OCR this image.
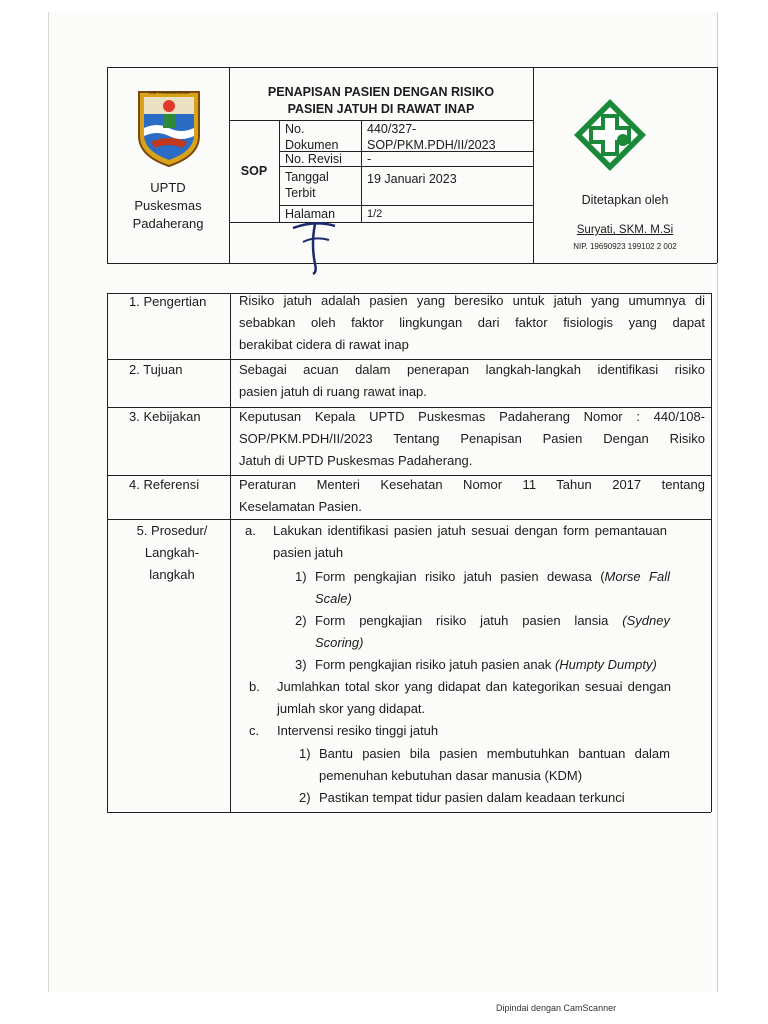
KAB. PANGANDARAN
UPTD
Puskesmas
Padaherang
PENAPISAN PASIEN DENGAN RISIKO
PASIEN JATUH DI RAWAT INAP
SOP
No.
Dokumen
440/327-
SOP/PKM.PDH/II/2023
No. Revisi -
Tanggal
Terbit
19 Januari 2023
Halaman	1/2
Ditetapkan oleh
Suryati, SKM. M.Si
NIP. 19690923 199102 2 002
1. Pengertian	Risiko jatuh adalah pasien yang beresiko untuk jatuh yang umumnya di
sebabkan oleh faktor lingkungan dari faktor fisiologis yang dapat
berakibat cidera di rawat inap
2. Tujuan	Sebagai acuan dalam penerapan langkah-langkah identifikasi risiko
pasien jatuh di ruang rawat inap.
3. Kebijakan	Keputusan Kepala UPTD Puskesmas Padaherang Nomor : 440/108-
SOP/PKM.PDH/II/2023 Tentang Penapisan Pasien Dengan Risiko
Jatuh di UPTD Puskesmas Padaherang.
4. Referensi	Peraturan Menteri Kesehatan Nomor 11 Tahun 2017 tentang
Keselamatan Pasien.
5. Prosedur/
Langkah-
langkah
a. Lakukan identifikasi pasien jatuh sesuai dengan form pemantauan
pasien jatuh
1) Form pengkajian risiko jatuh pasien dewasa (Morse Fall
Scale)
2) Form pengkajian risiko jatuh pasien lansia (Sydney
Scoring)
3) Form pengkajian risiko jatuh pasien anak (Humpty Dumpty)
b. Jumlahkan total skor yang didapat dan kategorikan sesuai dengan
jumlah skor yang didapat.
c. Intervensi resiko tinggi jatuh
1) Bantu pasien bila pasien membutuhkan bantuan dalam
pemenuhan kebutuhan dasar manusia (KDM)
2) Pastikan tempat tidur pasien dalam keadaan terkunci
Dipindai dengan CamScanner
